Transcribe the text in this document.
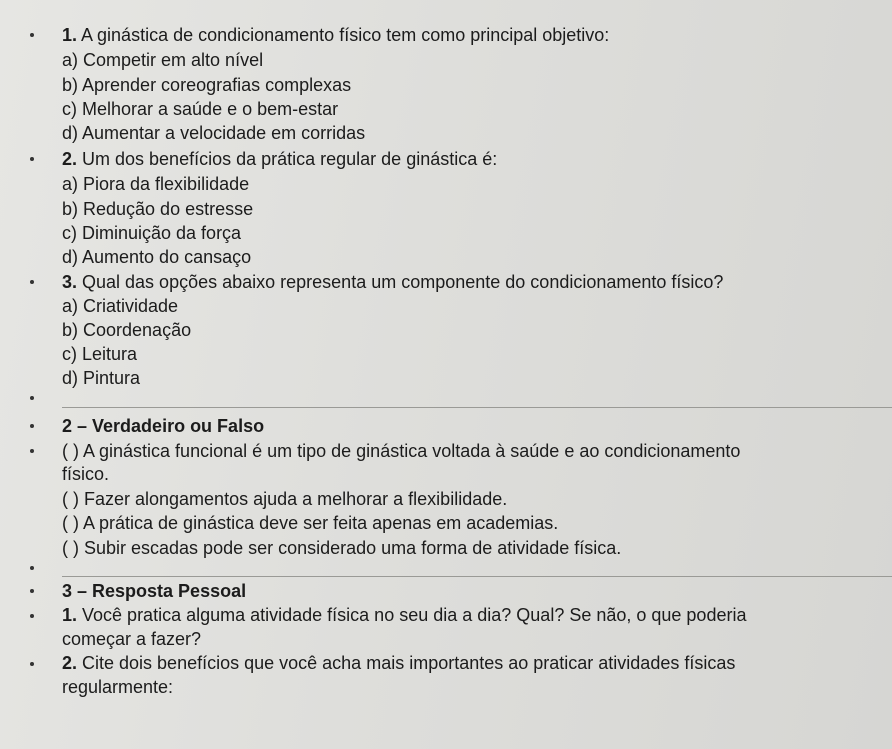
1. A ginástica de condicionamento físico tem como principal objetivo:
a) Competir em alto nível
b) Aprender coreografias complexas
c) Melhorar a saúde e o bem-estar
d) Aumentar a velocidade em corridas
2. Um dos benefícios da prática regular de ginástica é:
a) Piora da flexibilidade
b) Redução do estresse
c) Diminuição da força
d) Aumento do cansaço
3. Qual das opções abaixo representa um componente do condicionamento físico?
a) Criatividade
b) Coordenação
c) Leitura
d) Pintura
2 – Verdadeiro ou Falso
( ) A ginástica funcional é um tipo de ginástica voltada à saúde e ao condicionamento
físico.
( ) Fazer alongamentos ajuda a melhorar a flexibilidade.
( ) A prática de ginástica deve ser feita apenas em academias.
( ) Subir escadas pode ser considerado uma forma de atividade física.
3 – Resposta Pessoal
1. Você pratica alguma atividade física no seu dia a dia? Qual? Se não, o que poderia
começar a fazer?
2. Cite dois benefícios que você acha mais importantes ao praticar atividades físicas
regularmente:
